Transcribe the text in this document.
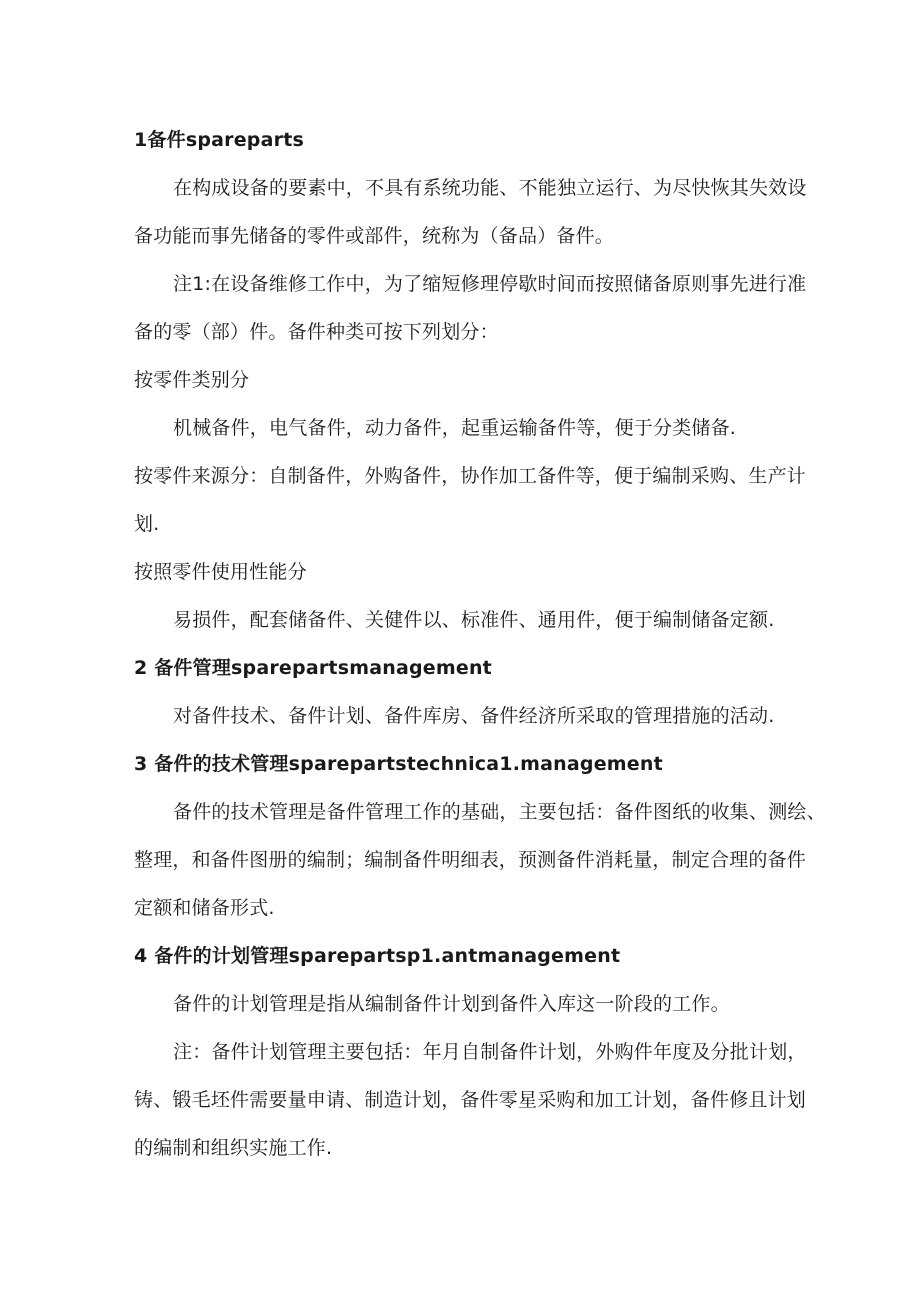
1备件spareparts
在构成设备的要素中，不具有系统功能、不能独立运行、为尽快恢其失效设
备功能而事先储备的零件或部件，统称为（备品）备件。
注1:在设备维修工作中，为了缩短修理停歇时间而按照储备原则事先进行准
备的零（部）件。备件种类可按下列划分：
按零件类别分
机械备件，电气备件，动力备件，起重运输备件等，便于分类储备.
按零件来源分：自制备件，外购备件，协作加工备件等，便于编制采购、生产计
划.
按照零件使用性能分
易损件，配套储备件、关健件以、标准件、通用件，便于编制储备定额.
2 备件管理sparepartsmanagement
对备件技术、备件计划、备件库房、备件经济所采取的管理措施的活动.
3 备件的技术管理sparepartstechnica1.management
备件的技术管理是备件管理工作的基础，主要包括：备件图纸的收集、测绘、
整理，和备件图册的编制；编制备件明细表，预测备件消耗量，制定合理的备件
定额和储备形式.
4 备件的计划管理sparepartsp1.antmanagement
备件的计划管理是指从编制备件计划到备件入库这一阶段的工作。
注：备件计划管理主要包括：年月自制备件计划，外购件年度及分批计划，
铸、锻毛坯件需要量申请、制造计划，备件零星采购和加工计划，备件修且计划
的编制和组织实施工作.
